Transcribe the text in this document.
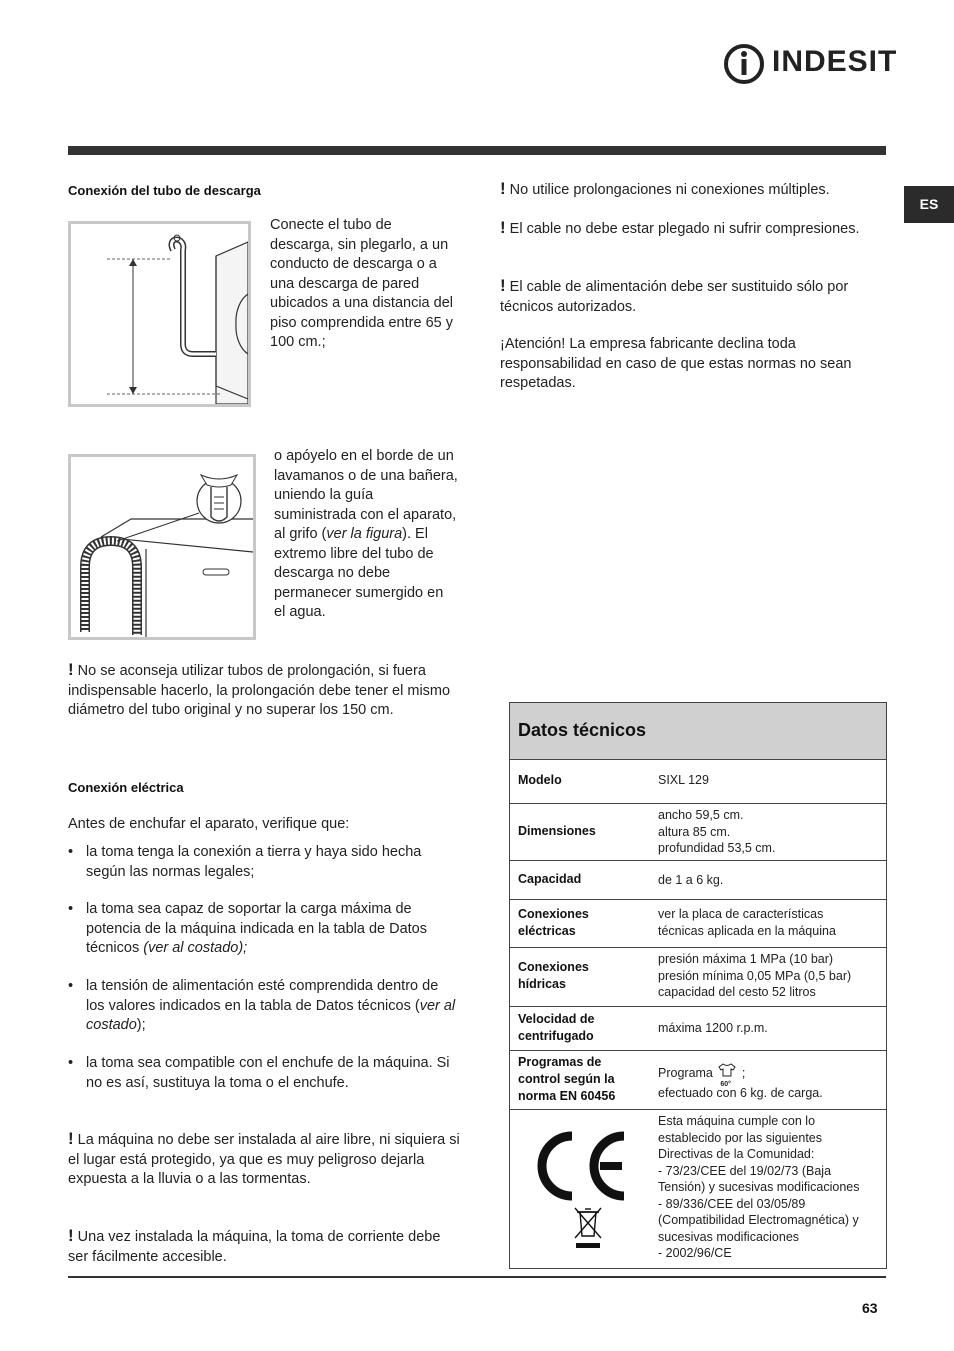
INDESIT
ES
Conexión del tubo de descarga
Conecte el tubo de descarga, sin plegarlo, a un conducto de descarga o a una descarga de pared ubicados a una distancia del piso comprendida entre 65 y 100 cm.;
o apóyelo en el borde de un lavamanos o de una bañera, uniendo la guía suministrada con el aparato, al grifo (ver la figura). El extremo libre del tubo de descarga no debe permanecer sumergido en el agua.
! No se aconseja utilizar tubos de prolongación, si fuera indispensable hacerlo, la prolongación debe tener el mismo diámetro del tubo original y no superar los 150 cm.
Conexión eléctrica
Antes de enchufar el aparato, verifique que:
• la toma tenga la conexión a tierra y haya sido hecha según las normas legales;
• la toma sea capaz de soportar la carga máxima de potencia de la máquina indicada en la tabla de Datos técnicos (ver al costado);
• la tensión de alimentación esté comprendida dentro de los valores indicados en la tabla de Datos técnicos (ver al costado);
• la toma sea compatible con el enchufe de la máquina. Si no es así, sustituya la toma o el enchufe.
! La máquina no debe ser instalada al aire libre, ni siquiera si el lugar está protegido, ya que es muy peligroso dejarla expuesta a la lluvia o a las tormentas.
! Una vez instalada la máquina, la toma de corriente debe ser fácilmente accesible.
! No utilice prolongaciones ni conexiones múltiples.
! El cable no debe estar plegado ni sufrir compresiones.
! El cable de alimentación debe ser sustituido sólo por técnicos autorizados.
¡Atención! La empresa fabricante declina toda responsabilidad en caso de que estas normas no sean respetadas.
Datos técnicos
Modelo	SIXL 129
Dimensiones
ancho 59,5 cm.
altura 85 cm.
profundidad 53,5 cm.
Capacidad	de 1 a 6 kg.
Conexiones
eléctricas
ver la placa de características
técnicas aplicada en la máquina
Conexiones
hídricas
presión máxima 1 MPa (10 bar)
presión mínima 0,05 MPa (0,5 bar)
capacidad del cesto 52 litros
Velocidad de
centrifugado
máxima 1200 r.p.m.
Programas de
control según la
norma EN 60456
Programa
60°
;
efectuado con 6 kg. de carga.
Esta máquina cumple con lo establecido por las siguientes Directivas de la Comunidad:
- 73/23/CEE del 19/02/73 (Baja Tensión) y sucesivas modificaciones
- 89/336/CEE del 03/05/89 (Compatibilidad Electromagnética) y sucesivas modificaciones
- 2002/96/CE
63
